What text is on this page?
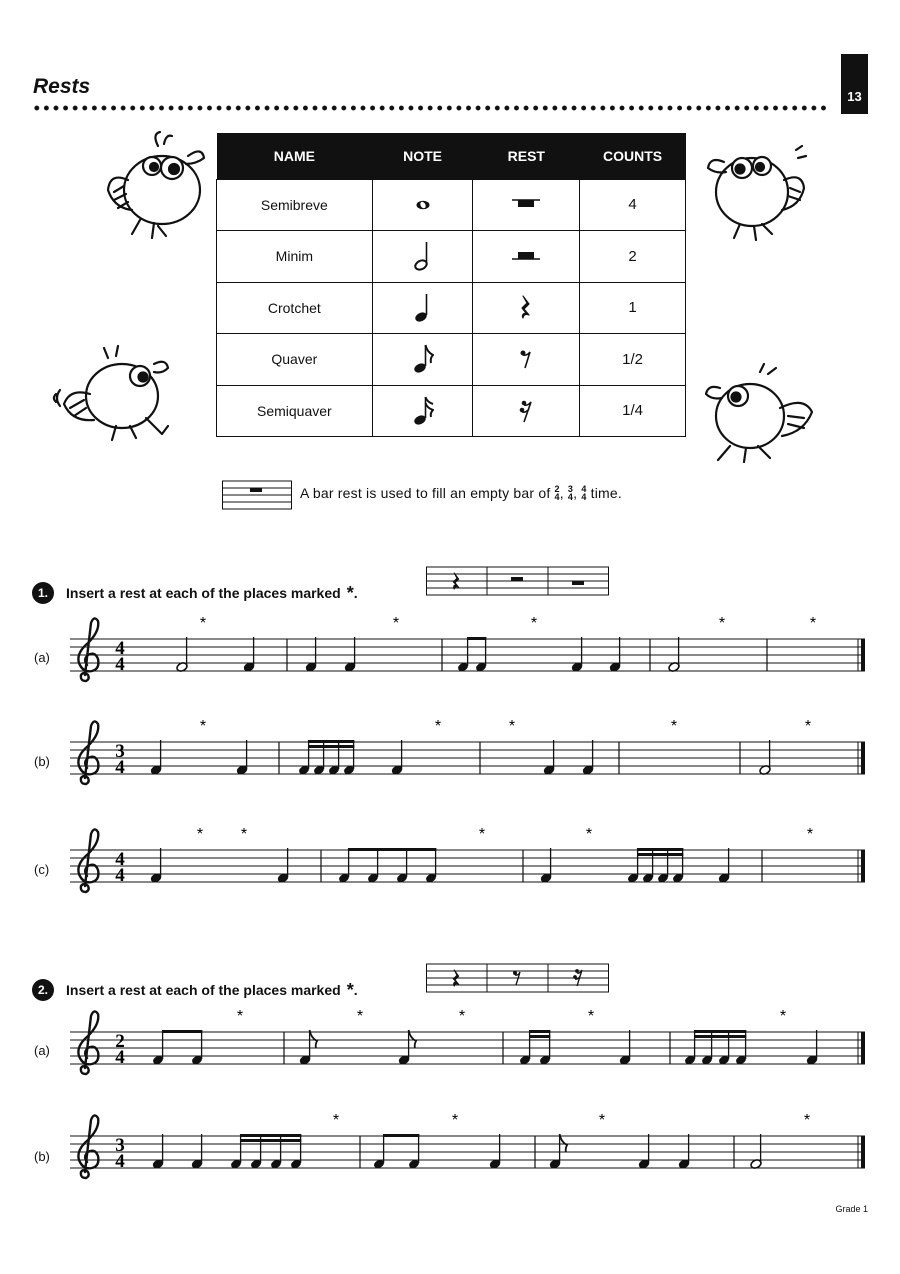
Rests	13
NAME	NOTE	REST	COUNTS
Semibreve			4
Minim			2
Crotchet			1
Quaver			1/2
Semiquaver			1/4
A bar rest is used to fill an empty bar of 2
4, 3
4, 4
4 time.
1.	Insert a rest at each of the places marked * .
(a)	4
4
*	*	*	*	*
(b)	3
4
*	*	*	*	*
(c)	4
4
* *	*	*	*
2.	Insert a rest at each of the places marked * .
(a)	2
4
*	*	*	*	*
(b)
3
4
*	*	*	*
Grade 1
